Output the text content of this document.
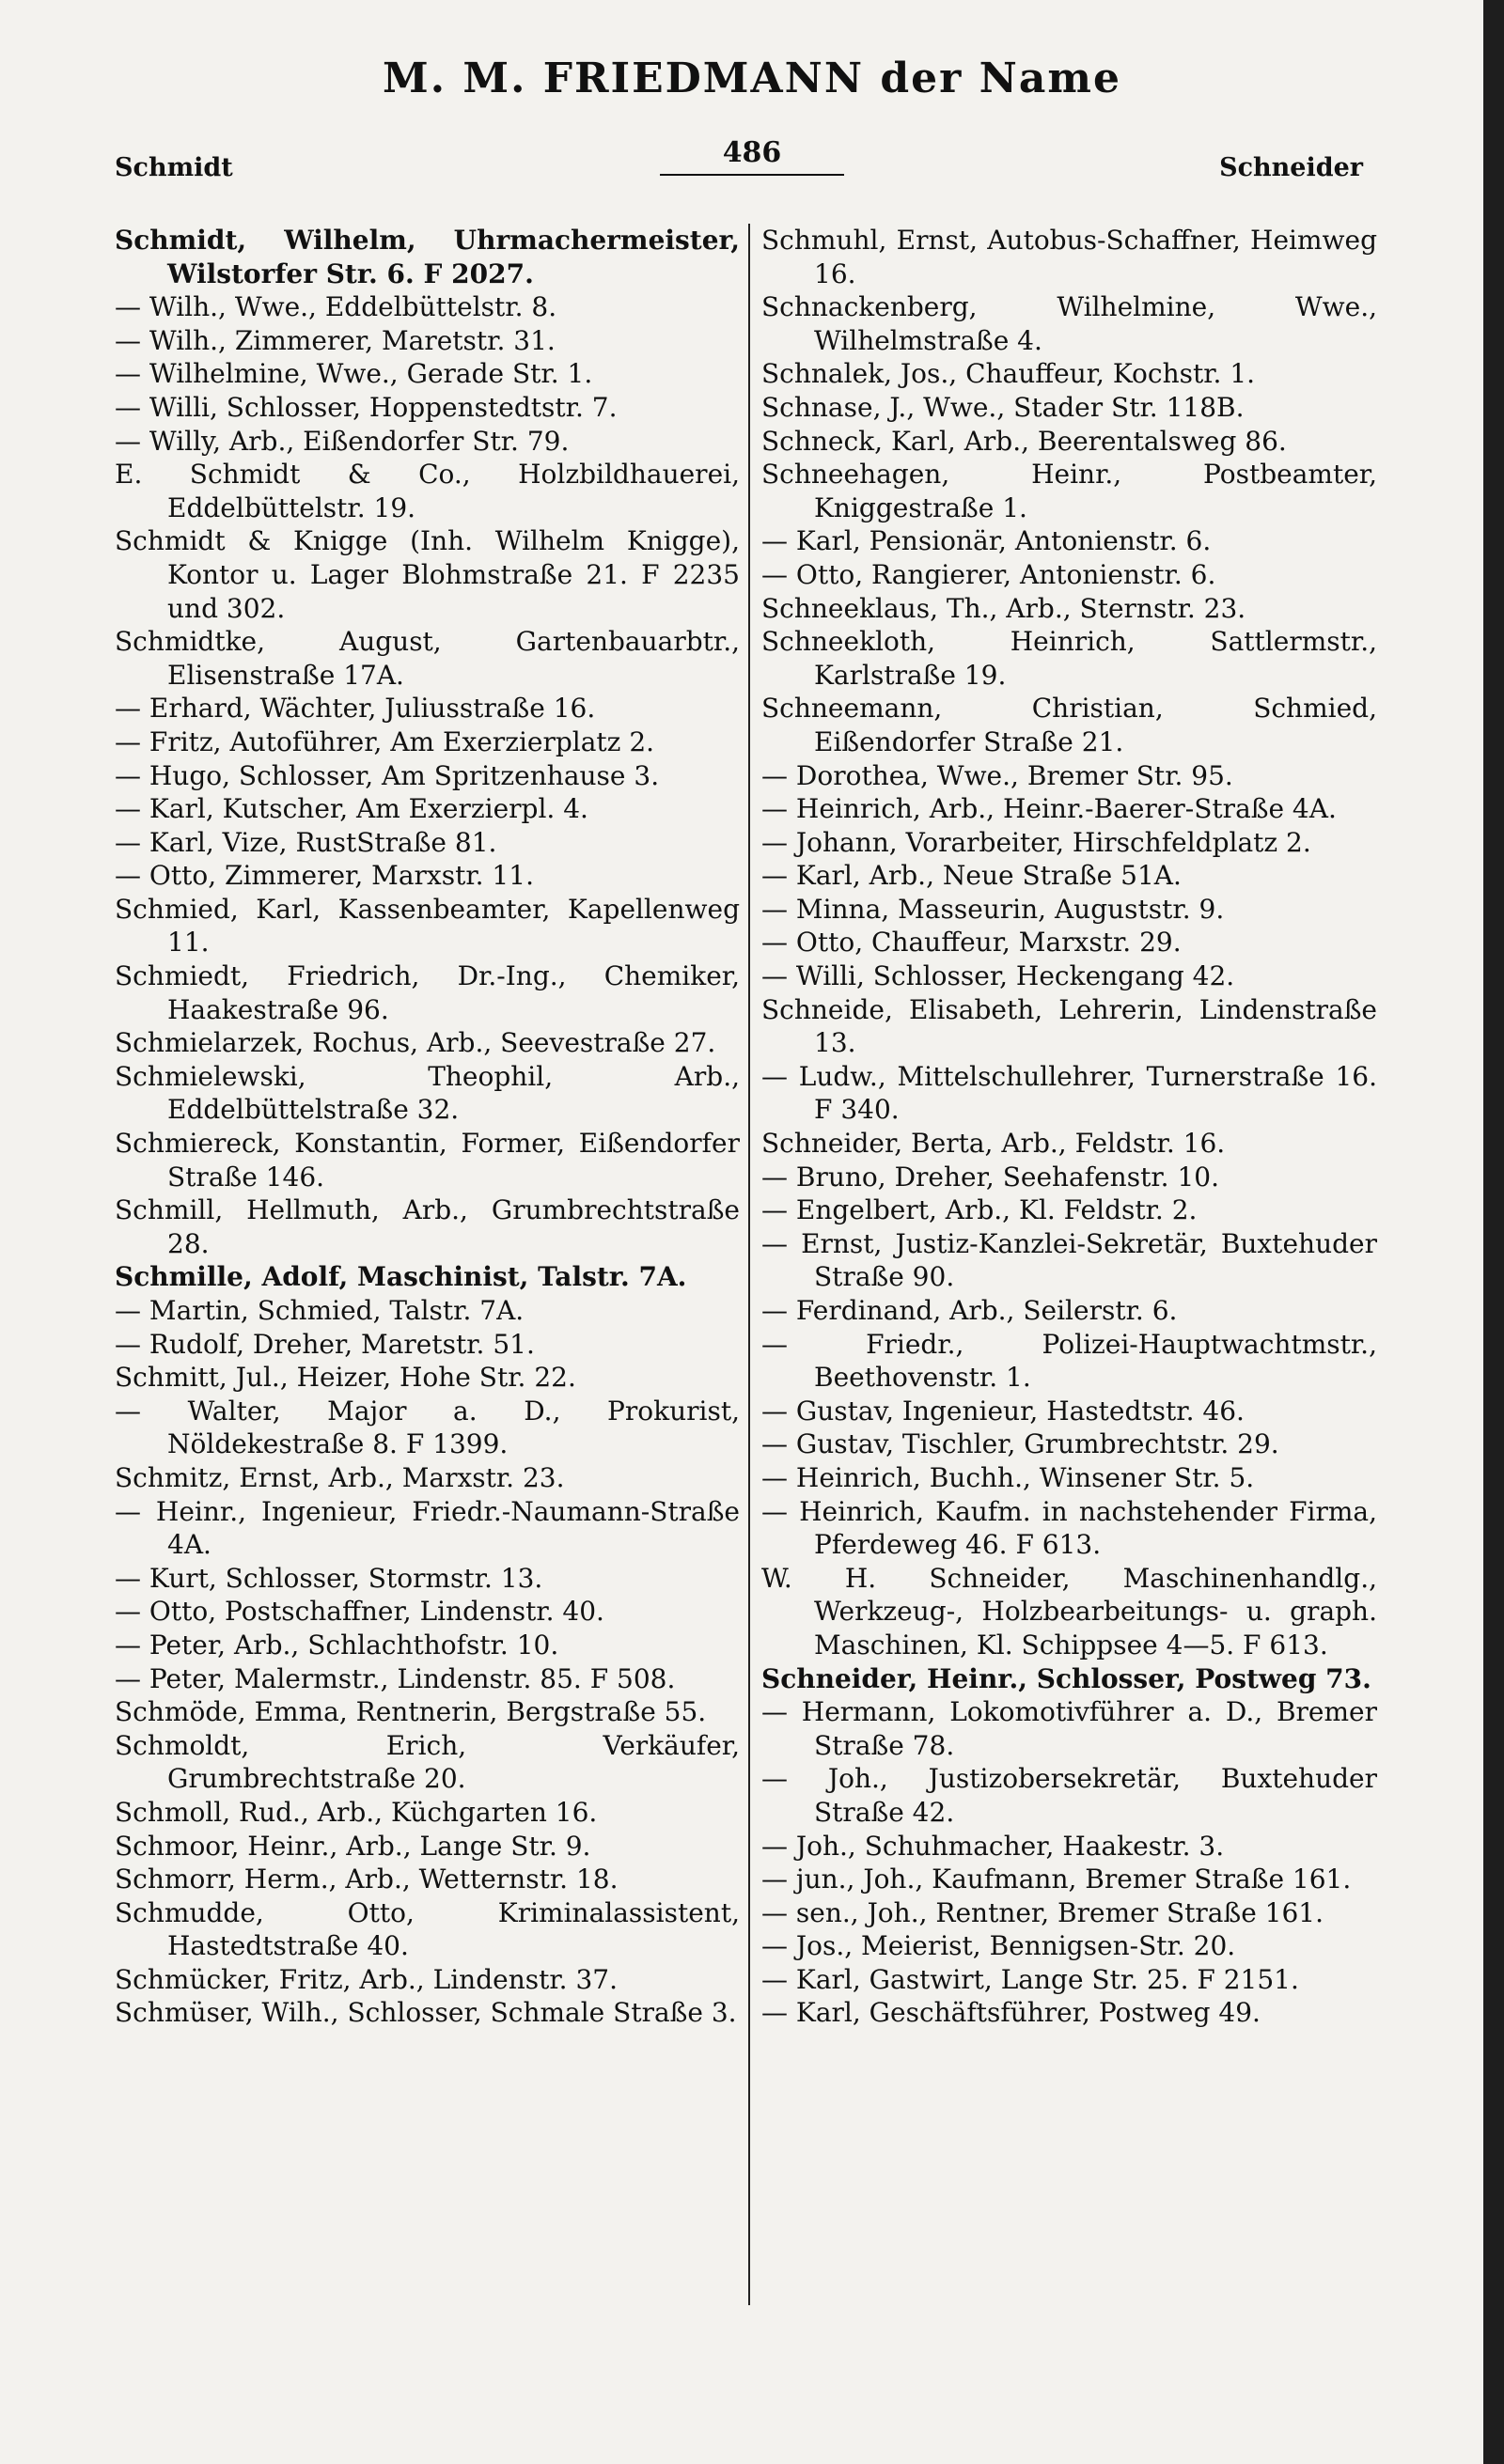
M. M. FRIEDMANN der Name
Schmidt	486	Schneider
Schmidt, Wilhelm, Uhrmachermeister, Wilstorfer Str. 6. F 2027.
— Wilh., Wwe., Eddelbüttelstr. 8.
— Wilh., Zimmerer, Maretstr. 31.
— Wilhelmine, Wwe., Gerade Str. 1.
— Willi, Schlosser, Hoppenstedtstr. 7.
— Willy, Arb., Eißendorfer Str. 79.
E. Schmidt & Co., Holzbildhauerei, Eddelbüttelstr. 19.
Schmidt & Knigge (Inh. Wilhelm Knigge), Kontor u. Lager Blohmstraße 21. F 2235 und 302.
Schmidtke, August, Gartenbauarbtr., Elisenstraße 17A.
— Erhard, Wächter, Juliusstraße 16.
— Fritz, Autoführer, Am Exerzierplatz 2.
— Hugo, Schlosser, Am Spritzenhause 3.
— Karl, Kutscher, Am Exerzierpl. 4.
— Karl, Vize, RustStraße 81.
— Otto, Zimmerer, Marxstr. 11.
Schmied, Karl, Kassenbeamter, Kapellenweg 11.
Schmiedt, Friedrich, Dr.-Ing., Chemiker, Haakestraße 96.
Schmielarzek, Rochus, Arb., Seevestraße 27.
Schmielewski, Theophil, Arb., Eddelbüttelstraße 32.
Schmiereck, Konstantin, Former, Eißendorfer Straße 146.
Schmill, Hellmuth, Arb., Grumbrechtstraße 28.
Schmille, Adolf, Maschinist, Talstr. 7A.
— Martin, Schmied, Talstr. 7A.
— Rudolf, Dreher, Maretstr. 51.
Schmitt, Jul., Heizer, Hohe Str. 22.
— Walter, Major a. D., Prokurist, Nöldekestraße 8. F 1399.
Schmitz, Ernst, Arb., Marxstr. 23.
— Heinr., Ingenieur, Friedr.-Naumann-Straße 4A.
— Kurt, Schlosser, Stormstr. 13.
— Otto, Postschaffner, Lindenstr. 40.
— Peter, Arb., Schlachthofstr. 10.
— Peter, Malermstr., Lindenstr. 85. F 508.
Schmöde, Emma, Rentnerin, Bergstraße 55.
Schmoldt, Erich, Verkäufer, Grumbrechtstraße 20.
Schmoll, Rud., Arb., Küchgarten 16.
Schmoor, Heinr., Arb., Lange Str. 9.
Schmorr, Herm., Arb., Wetternstr. 18.
Schmudde, Otto, Kriminalassistent, Hastedtstraße 40.
Schmücker, Fritz, Arb., Lindenstr. 37.
Schmüser, Wilh., Schlosser, Schmale Straße 3.
Schmuhl, Ernst, Autobus-Schaffner, Heimweg 16.
Schnackenberg, Wilhelmine, Wwe., Wilhelmstraße 4.
Schnalek, Jos., Chauffeur, Kochstr. 1.
Schnase, J., Wwe., Stader Str. 118B.
Schneck, Karl, Arb., Beerentalsweg 86.
Schneehagen, Heinr., Postbeamter, Kniggestraße 1.
— Karl, Pensionär, Antonienstr. 6.
— Otto, Rangierer, Antonienstr. 6.
Schneeklaus, Th., Arb., Sternstr. 23.
Schneekloth, Heinrich, Sattlermstr., Karlstraße 19.
Schneemann, Christian, Schmied, Eißendorfer Straße 21.
— Dorothea, Wwe., Bremer Str. 95.
— Heinrich, Arb., Heinr.-Baerer-Straße 4A.
— Johann, Vorarbeiter, Hirschfeldplatz 2.
— Karl, Arb., Neue Straße 51A.
— Minna, Masseurin, Auguststr. 9.
— Otto, Chauffeur, Marxstr. 29.
— Willi, Schlosser, Heckengang 42.
Schneide, Elisabeth, Lehrerin, Lindenstraße 13.
— Ludw., Mittelschullehrer, Turnerstraße 16. F 340.
Schneider, Berta, Arb., Feldstr. 16.
— Bruno, Dreher, Seehafenstr. 10.
— Engelbert, Arb., Kl. Feldstr. 2.
— Ernst, Justiz-Kanzlei-Sekretär, Buxtehuder Straße 90.
— Ferdinand, Arb., Seilerstr. 6.
— Friedr., Polizei-Hauptwachtmstr., Beethovenstr. 1.
— Gustav, Ingenieur, Hastedtstr. 46.
— Gustav, Tischler, Grumbrechtstr. 29.
— Heinrich, Buchh., Winsener Str. 5.
— Heinrich, Kaufm. in nachstehender Firma, Pferdeweg 46. F 613.
W. H. Schneider, Maschinenhandlg., Werkzeug-, Holzbearbeitungs- u. graph. Maschinen, Kl. Schippsee 4—5. F 613.
Schneider, Heinr., Schlosser, Postweg 73.
— Hermann, Lokomotivführer a. D., Bremer Straße 78.
— Joh., Justizobersekretär, Buxtehuder Straße 42.
— Joh., Schuhmacher, Haakestr. 3.
— jun., Joh., Kaufmann, Bremer Straße 161.
— sen., Joh., Rentner, Bremer Straße 161.
— Jos., Meierist, Bennigsen-Str. 20.
— Karl, Gastwirt, Lange Str. 25. F 2151.
— Karl, Geschäftsführer, Postweg 49.
